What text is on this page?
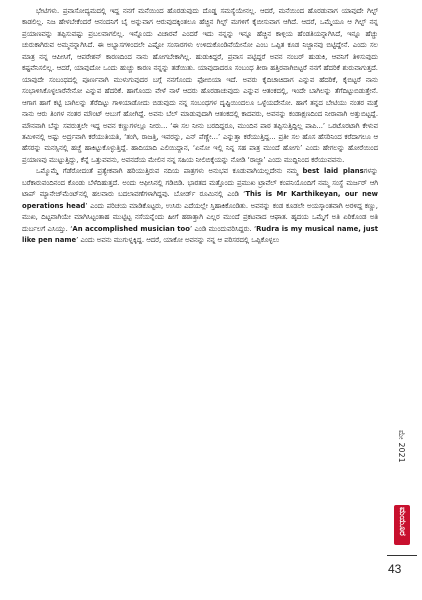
ಭೇಟಿಗಳು. ಪ್ರವಾಸೋದ್ಯಮದಲ್ಲಿ ಇದ್ದ ನನಗೆ ಮನೆಯಿಂದ ಹೊರಡುವುದು ದೊಡ್ಡ ಸಮಸ್ಯೆಯೇನಲ್ಲ. ಆದರೆ, ಮನೆಯಿಂದ ಹೊರಡುವಾಗ ಯಾವುದೇ ಗಿಲ್ಟ್ ಕಾಡಲಿಲ್ಲ. ನಿಜ ಹೇಳಬೇಕೆಂದರೆ ಆನಂದನಿಗೆ ಬೈ ಅನ್ನುವಾಗ ಆರುವುದಕ್ಕಿಂತಲೂ ಹೆಚ್ಚಿನ ಗಿಲ್ಟ್ ಮಗಳಿಗೆ ಕೈಬೀಸುವಾಗ ಆಗಿದೆ. ಆದರೆ, ಒಮ್ಮೆಯೂ ಆ ಗಿಲ್ಟ್ ನನ್ನ ಪ್ರಯಾಣವನ್ನು ತಪ್ಪಿಸುವಷ್ಟು ಪ್ರಬಲವಾಗಲಿಲ್ಲ. ಇನ್ನೊಂದು ವಿಚಾರವೆ ಎಂದರೆ ಇದು ನನ್ನನ್ನು ಇನ್ನೂ ಹೆಚ್ಚಿನ ಕಾಳ್ಗಿಯ ಹೆಂಡತಿಯನ್ನಾಗಿಸಿದೆ, ಇನ್ನೂ ಹೆಚ್ಚು ಚುರುಕಾಗಿರುವ ಅಮ್ಮನನ್ನಾಗಿಸಿದೆ. ಈ ಅಭ್ಯಾಸಗಳಿಂದಲೇ ಎಷ್ಟೋ ಸಂಸಾರಗಳು ಉಳಿದುಕೊಂಡಿವೆಯೇನೋ ಎಂಬ ಒಪ್ಪಿತ ಕೂಡ ನಿಜ್ಜಾನವು ಬಿಟ್ಟಿದ್ದೇನೆ. ಎಂದು ಸಲ ಮಾತ್ರ ನನ್ನ ಆಪೀಸಿಗೆ, ಆಪರೇಶನ್ ಕಾರಣದಿಂದ ನಾನು ಹೋಗಬೇಕಾಗಿಲ್ಲ. ಹುಡುಕಿದ್ದರೆ, ಪ್ರವಾಸ ಪಟ್ಟಿದ್ದರೆ ಅವನ ನಂಬರ್ ಹುಡುಕಿ, ಆವನಿಗೆ ತಿಳಿಸುವುದು ಕಷ್ಟವೆನಿಸಲಿಲ್ಲ. ಆದರೆ, ಯಾವುದೋ ಒಂದು ಹುಚ್ಚು ಕಾರಣ ನನ್ನನ್ನು ತಡೆಯಿತು. ಯಾವುದಾದರೂ ಸಂಬಂಧ ತೀರಾ ಹತ್ತಿರವಾಗಿಬಿಟ್ಟರೆ ನನಗೆ ಹೆದರಿಕೆ ಶುರುವಾಗುತ್ತದೆ. ಯಾವುದೇ ಸಂಬಂಧದಲ್ಲಿ ಪೂರ್ಣವಾಗಿ ಮುಳುಗುವುದರ ಬಗ್ಗೆ ನನಗೊಂದು ಫೋಬಿಯಾ ಇದೆ. ಅವರು ಕೈದಿಚಾಚಿದಾಗ ಎನ್ನುವ ಹೆದರಿಕೆ, ಕೈಬಿಟ್ಟರೆ ನಾನು ಸಂಭಾಳಿಸಿಕೊಳ್ಳಲಾರೆನೇನೋ ಎನ್ನುವ ಹೆದರಿಕೆ. ಹಾಗೊಂದು ವೇಳೆ ನಾಳೆ ಆದರು ಹೊರಡಾಚುವುದು ಎನ್ನುವ ಆತಂಕದಲ್ಲಿ, ಇಂದೇ ಬಾಗಿಲನ್ನು ತೆಗೆದಿಟ್ಟುಬಿಡುತ್ತೇನೆ. ಆಗಾಗ ಹಾಗೆ ಕಟ್ಟಿ ಬಾಗಿಲನ್ನು ತೆರೆದಿಟ್ಟು ಗಾಳಿಯಾಡೋದು ಬಿಡುವುದು ನನ್ನ ಸಂಬಂಧಗಳ ದೃಷ್ಟಿಯಿಂದಲೂ ಒಳ್ಳೆಯದೇನೋ. ಹಾಗೆ ತನ್ನದ ಬೇಟಿಯು ನಂತರ ಮತ್ತೆ ನಾನು ಆರು ತಿಂಗಳ ನಂತರ ಮೌಂಟ್ ಆಬುಗೆ ಹೋಗಿದ್ದೆ. ಅವನು ಬೆಲ್ ಮಾಡುವುದಾಗಿ ಆತಂಕದಲ್ಲಿ ಕಾದವರು, ಅವನನ್ನು ಕಂಡಾಕ್ಷಣದಿಂದ ನೀರಾವಾಗಿ ಅತ್ತುಬಿಟ್ಟದ್ದೆ. ಮೌನವಾಗಿ ಬೆನ್ನು ಸವರುತ್ತಲೇ ಇದ್ದ ಅವನ ಕಣ್ಣುಗಳಲ್ಲೂ ನೀರು... ‘ಈ ಸಲ ನೀನು ಬರದಿದ್ದರೂ, ಮುಂದಿನ ಪಾಠ ತಪ್ಪಿಸುತ್ತಿದ್ದಿಲ್ಲ ಪಾಪಿ...’ ಒರಟೊರಟಾಗಿ ಕೇಳುವ ತಮಿಳಿನಲ್ಲಿ ಅಷ್ಟು ಅರ್ದ್ರವಾಗಿ ಕರೆಯುತಿಯತಿ, ‘ತಂಗಿ, ರಾಜತ್ತಿ, ಇವರನ್ನು, ಎನ್ ಪೆಣ್ಣೇ...’ ಎನ್ನುತ್ತಾ ಕರೆಯುತ್ತಿದ್ದ... ಪ್ರತೀ ಸಲ ಹೊಸ ಹೆಸರಿನಿಂದ ಕರೆದಾಗಲೂ ಆ ಹೆಸರನ್ನು ಮನಸ್ಸಿನಲ್ಲಿ ಹಚ್ಚೆ ಹಾಕಿಟ್ಟುಕೊಳ್ಳುತ್ತಿದ್ದೆ. ಹಾದಿಯಾದಿ ಎಲಿಯಿದ್ದಾನ, ‘ಏನೋ ಇಲ್ಲಿ ನಿನ್ನ ಸಹ ಪಾತ್ರ ಮುಂದೆ ಹೋಗು’ ಎಂದು ಹೇಗಲನ್ನು ಹೋರೆಯಿಂದ ಪ್ರಯಾಣವು ಮುಟ್ಟುತ್ತಿದ್ದು, ಕೆನ್ನೆ ಒತ್ತುವವನು, ಅವನದೆಯ ಮೇಲಿನ ನನ್ನ ಸಹಿಯ ನೀಲಿಬಿಕ್ಕೆಯನ್ನು ನೋಡಿ ‘ರಾಜ್ಜಾ’ ಎಂದು ಮುದ್ದಿನಿಂದ ಕರೆಯುವವನು.

ಒಮ್ಮೊಮ್ಮೆ ಗೆಡೆರೋದಂತೆ ಪ್ರತ್ಯೇಕವಾಗಿ ಹರಿಯುತ್ತಿರುವ ನದಿಯ ಪಾತ್ರಗಳು ಅನುಭವ ಕೂಡುವಾಗಿಯಲ್ಲದೇನು ನಮ್ಮ best laid plansಗಳನ್ನು ಬರೆಕಾರುವಂದಿನಂದ ಕೊಂಡು ಬೆಳೆದಿಹುತ್ತದೆ. ಅಂದು ಆಫೀಸಿನಲ್ಲಿ ಗಡಿಬಿಡಿ. ಭಾರತದ ಮತ್ತೊಂದು ಪ್ರಮುಖ ಟ್ರಾವೆಲ್ ಕಂಪನಿಯೊಂದಿಗೆ ನಮ್ಮ ಸಂಸ್ಥೆ ಮರ್ಜರ್ ಆಗಿ ಟಾಪ್ ಮ್ಯಾನೇಜ್‌ಮೆಂಟ್‌ನಲ್ಲಿ ಹಲವಾರು ಬದಲಾವಣೆಗಳಾಗಿದ್ದವು. ಬೋರ್ಡ್ ರೂಮಿನಲ್ಲಿ ಎಂಡಿ ‘This is Mr Karthikeyan, our new operations head’ ಎಂದು ಪರಿಚಯ ಮಾಡಿಕೊಟ್ಟರು, ಉಸಿರು ಎದೆಯಲ್ಲೇ ಸ್ತಿಹಾಕಿಕೊಂಡಿತು. ಅವನನ್ನು ಕಂಡ ಕೂಡಲೇ ಅಯಸ್ಕಾಂತವಾಗಿ ಅರಳಿದ್ದ ಕಣ್ಣು, ಮುಖ, ದಿಟ್ಟವಾಗಿಯೇ ಮಾಗಿಸಿಟ್ಟಂತಾಹ ಮುಟ್ಟಿಟ್ಟ ನಸೆಯನ್ನೆಂದು ಹೀಗೆ ಹಠಾತ್ತಾಗಿ ಎಲ್ಲರ ಮುಂದೆ ಪ್ರಕಟವಾದ ಆಘಾತ. ಹೃದಯ ಒಮ್ಮೆಗೆ ಅತಿ ಏರಿಕೊಂಡ ಅತಿ ದುರ್ಬಲಗೆ ಎಸಿಯ್ತು. ‘An accomplished musician too’ ಎಂಡಿ ಮುಂದುವರಿಸಿದ್ದರು. ‘Rudra is my musical name, just like pen name’ ಎಂದು ಅವನು ಮುಗುಳ್ನಕ್ಕಿದ್ದ. ಆದರೆ, ಯಾಕೋ ಅವನನ್ನು ನನ್ನ ಆ ಪರಿಸರದಲ್ಲಿ ಒಪ್ಪಿಕೊಳ್ಳಲು

ಮೇ 2021
ಮಯೂರ
43
